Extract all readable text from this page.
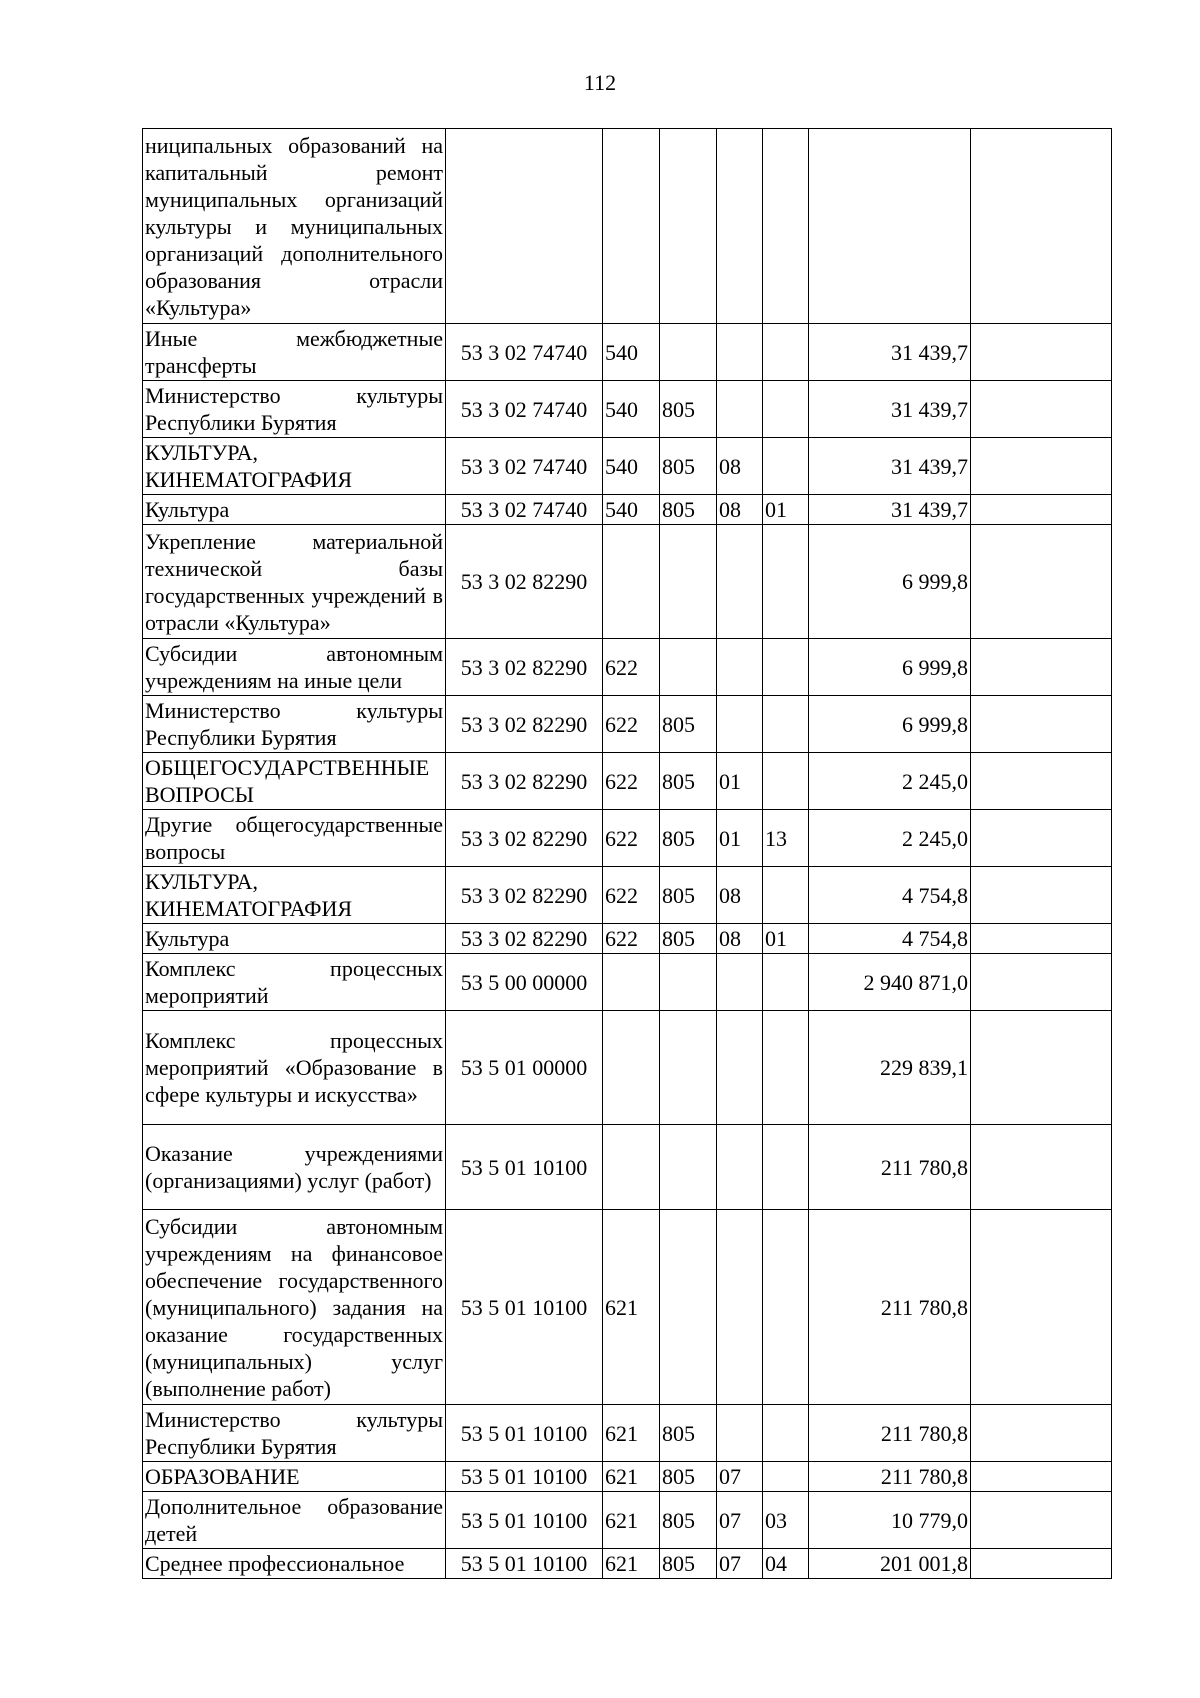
112
ниципальных образований на капитальный ремонт муниципальных организаций культуры и муниципальных организаций дополнительного образования отрасли «Культура»							
Иные межбюджетные трансферты	53 3 02 74740	540				31 439,7	
Министерство культуры Республики Бурятия	53 3 02 74740	540	805			31 439,7	
КУЛЬТУРА, КИНЕМАТОГРАФИЯ	53 3 02 74740	540	805	08		31 439,7	
Культура	53 3 02 74740	540	805	08	01	31 439,7	
Укрепление материальной технической базы государственных учреждений в отрасли «Культура»	53 3 02 82290					6 999,8	
Субсидии автономным учреждениям на иные цели	53 3 02 82290	622				6 999,8	
Министерство культуры Республики Бурятия	53 3 02 82290	622	805			6 999,8	
ОБЩЕГОСУДАРСТВЕННЫЕ ВОПРОСЫ	53 3 02 82290	622	805	01		2 245,0	
Другие общегосударственные вопросы	53 3 02 82290	622	805	01	13	2 245,0	
КУЛЬТУРА, КИНЕМАТОГРАФИЯ	53 3 02 82290	622	805	08		4 754,8	
Культура	53 3 02 82290	622	805	08	01	4 754,8	
Комплекс процессных мероприятий	53 5 00 00000					2 940 871,0	
Комплекс процессных мероприятий «Образование в сфере культуры и искусства»	53 5 01 00000					229 839,1	
Оказание учреждениями (организациями) услуг (работ)	53 5 01 10100					211 780,8	
Субсидии автономным учреждениям на финансовое обеспечение государственного (муниципального) задания на оказание государственных (муниципальных) услуг (выполнение работ)	53 5 01 10100	621				211 780,8	
Министерство культуры Республики Бурятия	53 5 01 10100	621	805			211 780,8	
ОБРАЗОВАНИЕ	53 5 01 10100	621	805	07		211 780,8	
Дополнительное образование детей	53 5 01 10100	621	805	07	03	10 779,0	
Среднее профессиональное	53 5 01 10100	621	805	07	04	201 001,8	
